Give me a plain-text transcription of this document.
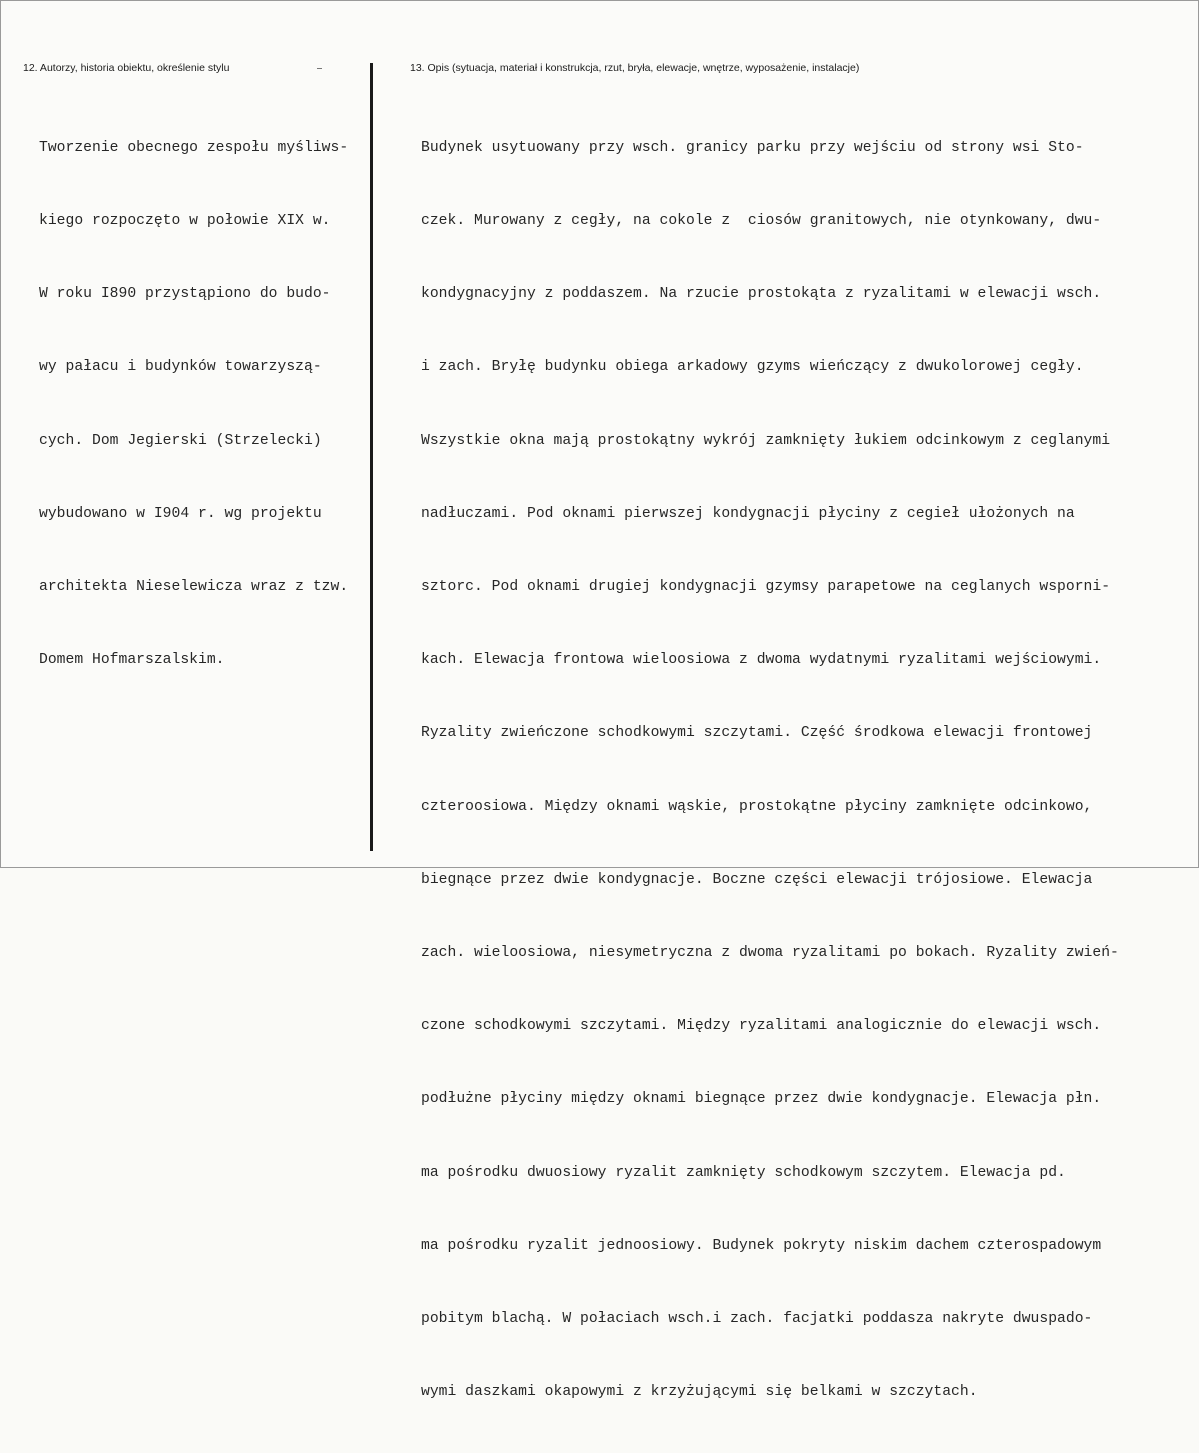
12. Autorzy, historia obiektu, określenie stylu	13. Opis (sytuacja, materiał i konstrukcja, rzut, bryła, elewacje, wnętrze, wyposażenie, instalacje)

Tworzenie obecnego zespołu myśliws-

kiego rozpoczęto w połowie XIX w.

W roku I890 przystąpiono do budo-

wy pałacu i budynków towarzyszą-

cych. Dom Jegierski (Strzelecki)

wybudowano w I904 r. wg projektu

architekta Nieselewicza wraz z tzw.

Domem Hofmarszalskim.

Budynek usytuowany przy wsch. granicy parku przy wejściu od strony wsi Sto-

czek. Murowany z cegły, na cokole z  ciosów granitowych, nie otynkowany, dwu-

kondygnacyjny z poddaszem. Na rzucie prostokąta z ryzalitami w elewacji wsch.

i zach. Bryłę budynku obiega arkadowy gzyms wieńczący z dwukolorowej cegły.

Wszystkie okna mają prostokątny wykrój zamknięty łukiem odcinkowym z ceglanymi

nadłuczami. Pod oknami pierwszej kondygnacji płyciny z cegieł ułożonych na

sztorc. Pod oknami drugiej kondygnacji gzymsy parapetowe na ceglanych wsporni-

kach. Elewacja frontowa wieloosiowa z dwoma wydatnymi ryzalitami wejściowymi.

Ryzality zwieńczone schodkowymi szczytami. Część środkowa elewacji frontowej

czteroosiowa. Między oknami wąskie, prostokątne płyciny zamknięte odcinkowo,

biegnące przez dwie kondygnacje. Boczne części elewacji trójosiowe. Elewacja

zach. wieloosiowa, niesymetryczna z dwoma ryzalitami po bokach. Ryzality zwień-

czone schodkowymi szczytami. Między ryzalitami analogicznie do elewacji wsch.

podłużne płyciny między oknami biegnące przez dwie kondygnacje. Elewacja płn.

ma pośrodku dwuosiowy ryzalit zamknięty schodkowym szczytem. Elewacja pd.

ma pośrodku ryzalit jednoosiowy. Budynek pokryty niskim dachem czterospadowym

pobitym blachą. W połaciach wsch.i zach. facjatki poddasza nakryte dwuspado-

wymi daszkami okapowymi z krzyżującymi się belkami w szczytach.
